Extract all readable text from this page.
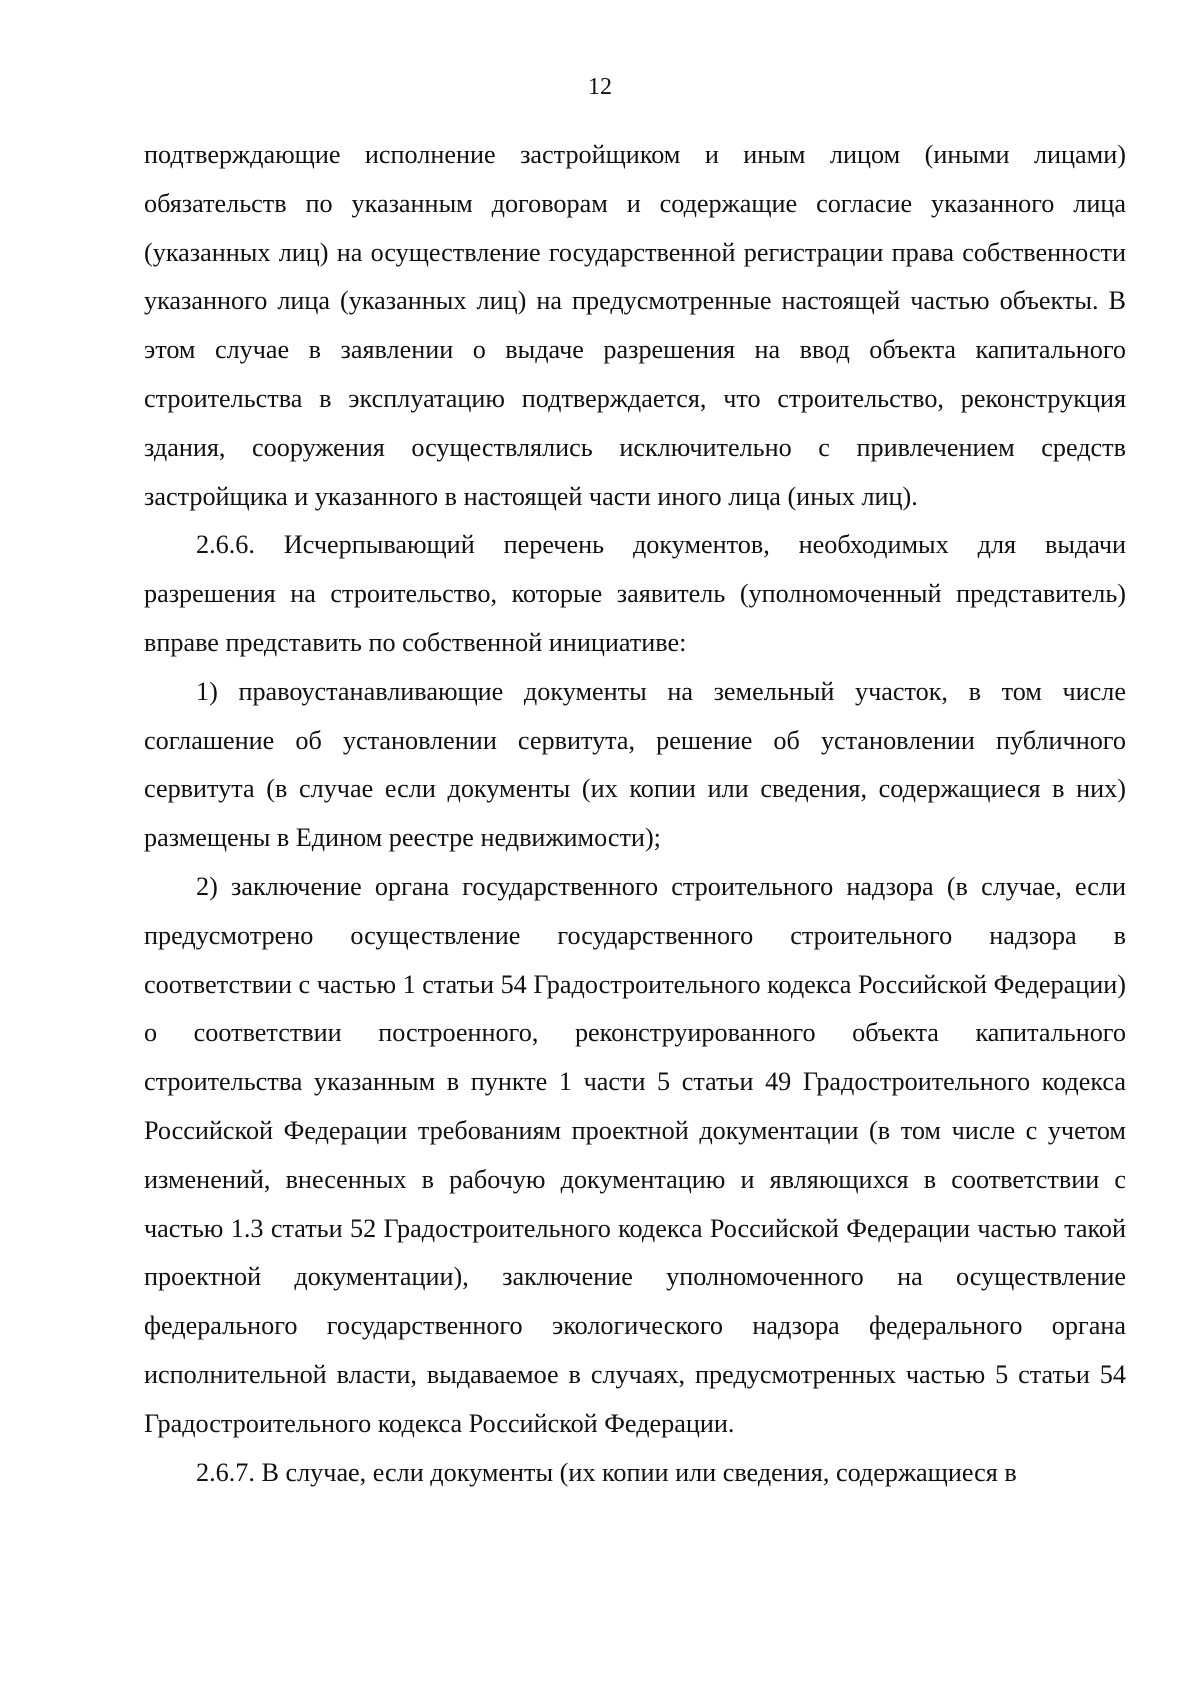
12

подтверждающие исполнение застройщиком и иным лицом (иными лицами) обязательств по указанным договорам и содержащие согласие указанного лица (указанных лиц) на осуществление государственной регистрации права собственности указанного лица (указанных лиц) на предусмотренные настоящей частью объекты. В этом случае в заявлении о выдаче разрешения на ввод объекта капитального строительства в эксплуатацию подтверждается, что строительство, реконструкция здания, сооружения осуществлялись исключительно с привлечением средств застройщика и указанного в настоящей части иного лица (иных лиц).

2.6.6. Исчерпывающий перечень документов, необходимых для выдачи разрешения на строительство, которые заявитель (уполномоченный представитель) вправе представить по собственной инициативе:

1) правоустанавливающие документы на земельный участок, в том числе соглашение об установлении сервитута, решение об установлении публичного сервитута (в случае если документы (их копии или сведения, содержащиеся в них) размещены в Едином реестре недвижимости);

2) заключение органа государственного строительного надзора (в случае, если предусмотрено осуществление государственного строительного надзора в соответствии с частью 1 статьи 54 Градостроительного кодекса Российской Федерации) о соответствии построенного, реконструированного объекта капитального строительства указанным в пункте 1 части 5 статьи 49 Градостроительного кодекса Российской Федерации требованиям проектной документации (в том числе с учетом изменений, внесенных в рабочую документацию и являющихся в соответствии с частью 1.3 статьи 52 Градостроительного кодекса Российской Федерации частью такой проектной документации), заключение уполномоченного на осуществление федерального государственного экологического надзора федерального органа исполнительной власти, выдаваемое в случаях, предусмотренных частью 5 статьи 54 Градостроительного кодекса Российской Федерации.

2.6.7. В случае, если документы (их копии или сведения, содержащиеся в
